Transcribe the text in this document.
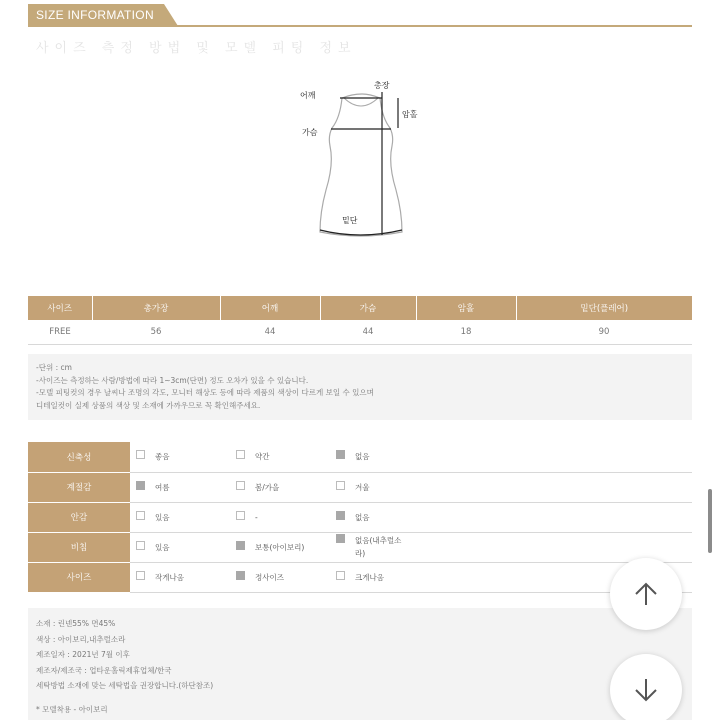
SIZE INFORMATION
사이즈 측정 방법 및 모델 피팅 정보
어깨
총장
암홀
가슴
밑단
사이즈	총가장	어깨	가슴	암홀	밑단(플레어)
FREE	56	44	44	18	90
-단위 : cm
-사이즈는 측정하는 사람/방법에 따라 1~3cm(단면) 정도 오차가 있을 수 있습니다.
-모델 피팅컷의 경우 날씨나 조명의 각도, 모니터 해상도 등에 따라 제품의 색상이 다르게 보일 수 있으며
디테일컷이 실제 상품의 색상 및 소재에 가까우므로 꼭 확인해주세요.
신축성	좋음	약간	없음

계절감	여름	봄/가을	겨울

안감	있음	-	없음

비침	있음	보통(아이보리)	없음(내추럴소라)

사이즈	작게나옴	정사이즈	크게나옴
소재 : 린넨55% 면45%
색상 : 아이보리,내추럴소라
제조일자 : 2021년 7월 이후
제조자/제조국 : 업타운홀릭제휴업체/한국
세탁방법 소재에 맞는 세탁법을 권장합니다.(하단참조)
* 모델착용 - 아이보리
